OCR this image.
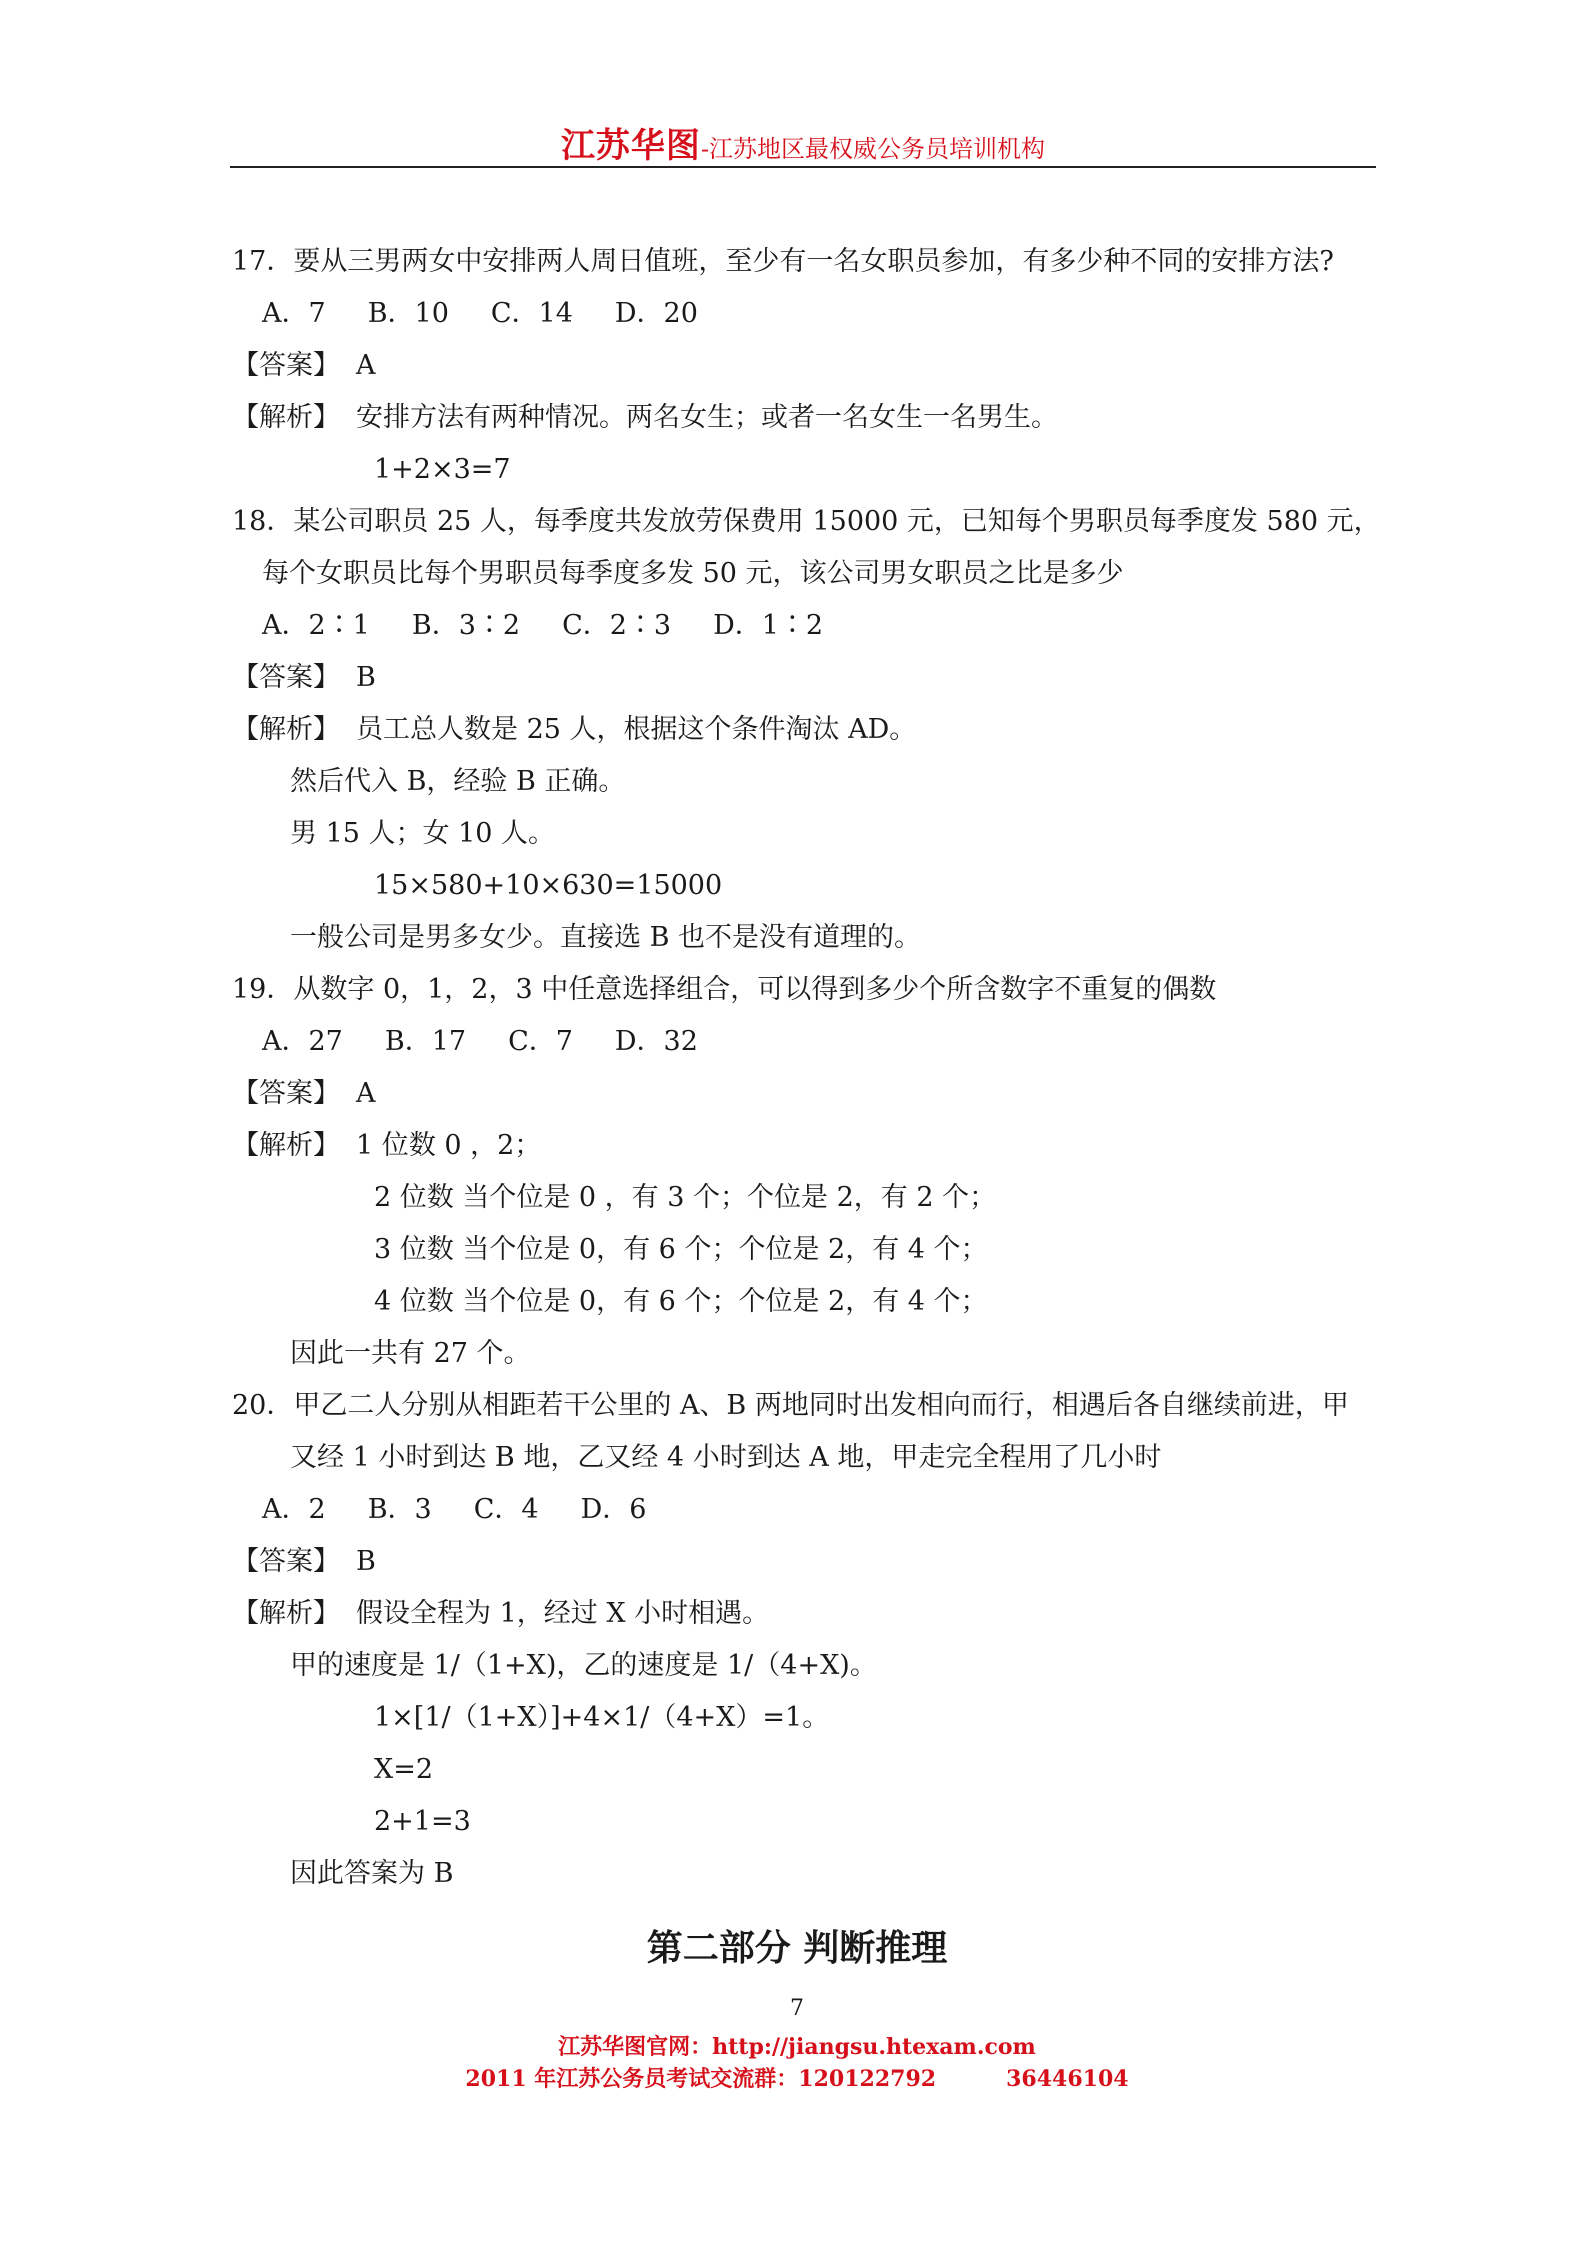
江苏华图-江苏地区最权威公务员培训机构
17．要从三男两女中安排两人周日值班，至少有一名女职员参加，有多少种不同的安排方法?
A．7 B．10 C．14 D．20
【答案】 A
【解析】 安排方法有两种情况。两名女生；或者一名女生一名男生。
1+2×3=7
18．某公司职员 25 人，每季度共发放劳保费用 15000 元，已知每个男职员每季度发 580 元，
每个女职员比每个男职员每季度多发 50 元，该公司男女职员之比是多少
A．2∶1 B．3∶2 C．2∶3 D．1∶2
【答案】 B
【解析】 员工总人数是 25 人，根据这个条件淘汰 AD。
然后代入 B，经验 B 正确。
男 15 人；女 10 人。
15×580+10×630=15000
一般公司是男多女少。直接选 B 也不是没有道理的。
19．从数字 0，1，2，3 中任意选择组合，可以得到多少个所含数字不重复的偶数
A．27 B．17 C．7 D．32
【答案】 A
【解析】 1 位数 0 ，2；
2 位数 当个位是 0 ，有 3 个；个位是 2，有 2 个；
3 位数 当个位是 0，有 6 个；个位是 2，有 4 个；
4 位数 当个位是 0，有 6 个；个位是 2，有 4 个；
因此一共有 27 个。
20．甲乙二人分别从相距若干公里的 A、B 两地同时出发相向而行，相遇后各自继续前进，甲
又经 1 小时到达 B 地，乙又经 4 小时到达 A 地，甲走完全程用了几小时
A．2 B．3 C．4 D．6
【答案】 B
【解析】 假设全程为 1，经过 X 小时相遇。
甲的速度是 1/（1+X)，乙的速度是 1/（4+X)。
1×[1/（1+X）]+4×1/（4+X）=1。
X=2
2+1=3
因此答案为 B
第二部分 判断推理
7
江苏华图官网：http://jiangsu.htexam.com
2011 年江苏公务员考试交流群：120122792	36446104
